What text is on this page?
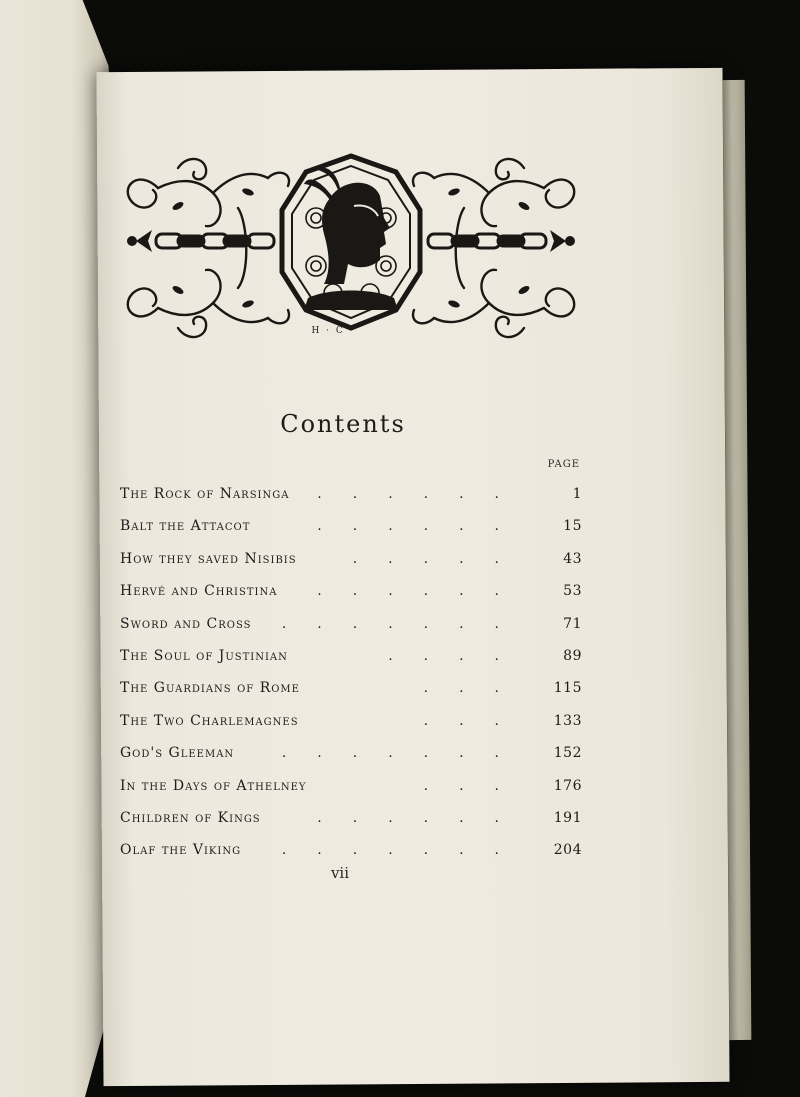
H · C ·
Contents
PAGE
......
The Rock of Narsinga	1
......
Balt the Attacot	15
.....
How they saved Nisibis	43
......
Hervé and Christina	53
.......
Sword and Cross	71
....
The Soul of Justinian	89
...
The Guardians of Rome	115
...
The Two Charlemagnes	133
.......
God's Gleeman	152
...
In the Days of Athelney	176
......
Children of Kings	191
.......
Olaf the Viking	204
vii
